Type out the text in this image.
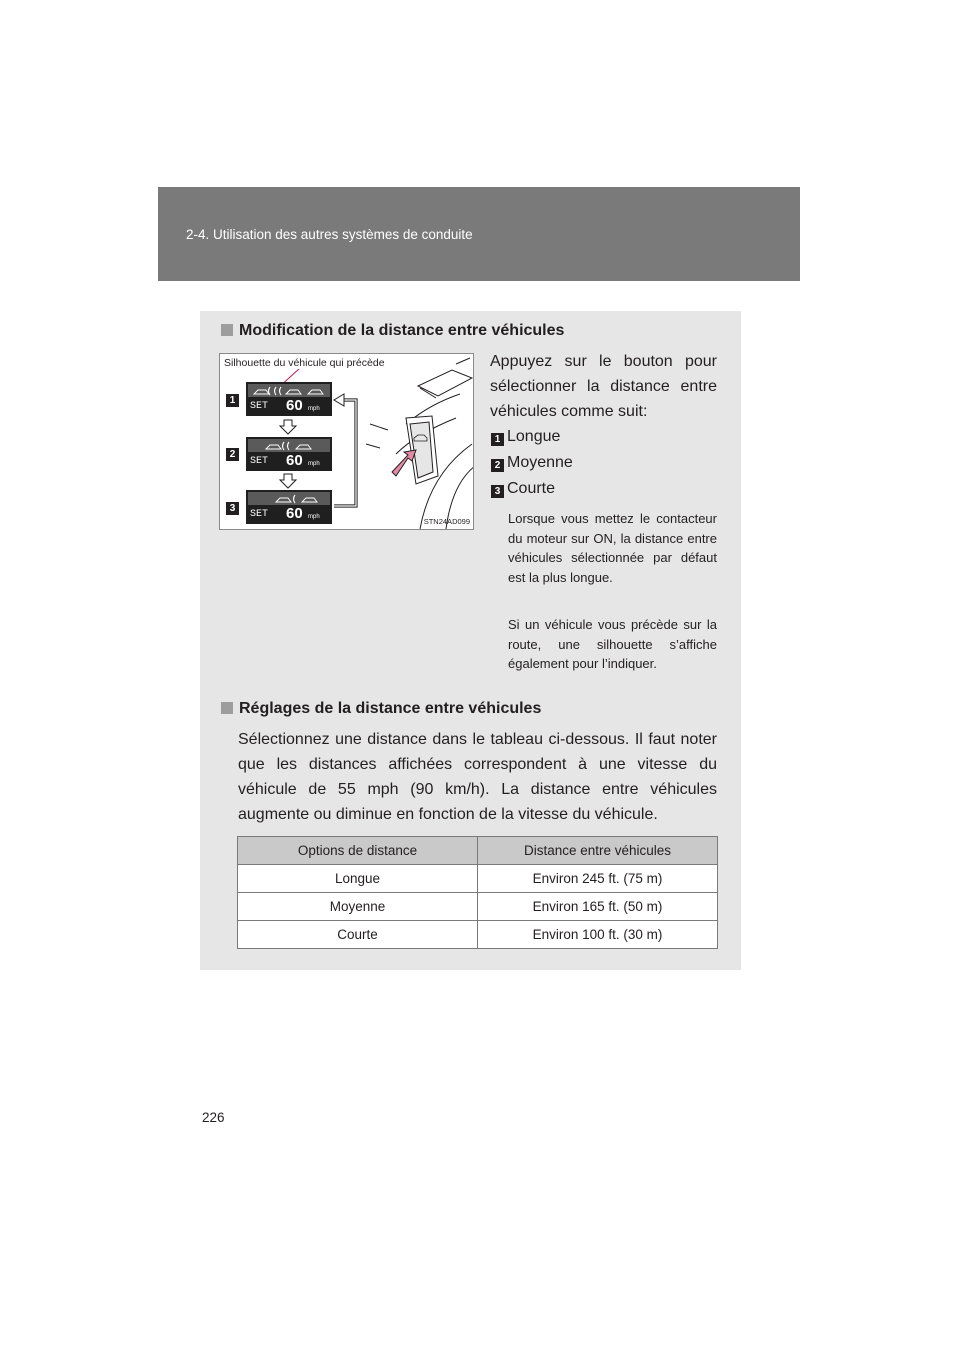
2-4. Utilisation des autres systèmes de conduite
Modification de la distance entre véhicules
SET 60 mph
SET 60 mph
SET 60 mph
1
2
3
Silhouette du véhicule qui précède
STN24AD099

Appuyez sur le bouton pour sélectionner la distance entre véhicules comme suit:

1 Longue
2 Moyenne
3 Courte

Lorsque vous mettez le contacteur du moteur sur ON, la distance entre véhicules sélectionnée par défaut est la plus longue.

Si un véhicule vous précède sur la route, une silhouette s’affiche également pour l’indiquer.

Réglages de la distance entre véhicules

Sélectionnez une distance dans le tableau ci-dessous. Il faut noter que les distances affichées correspondent à une vitesse du véhicule de 55 mph (90 km/h). La distance entre véhicules augmente ou diminue en fonction de la vitesse du véhicule.

Options de distance	Distance entre véhicules
Longue	Environ 245 ft. (75 m)
Moyenne	Environ 165 ft. (50 m)
Courte	Environ 100 ft. (30 m)
226
